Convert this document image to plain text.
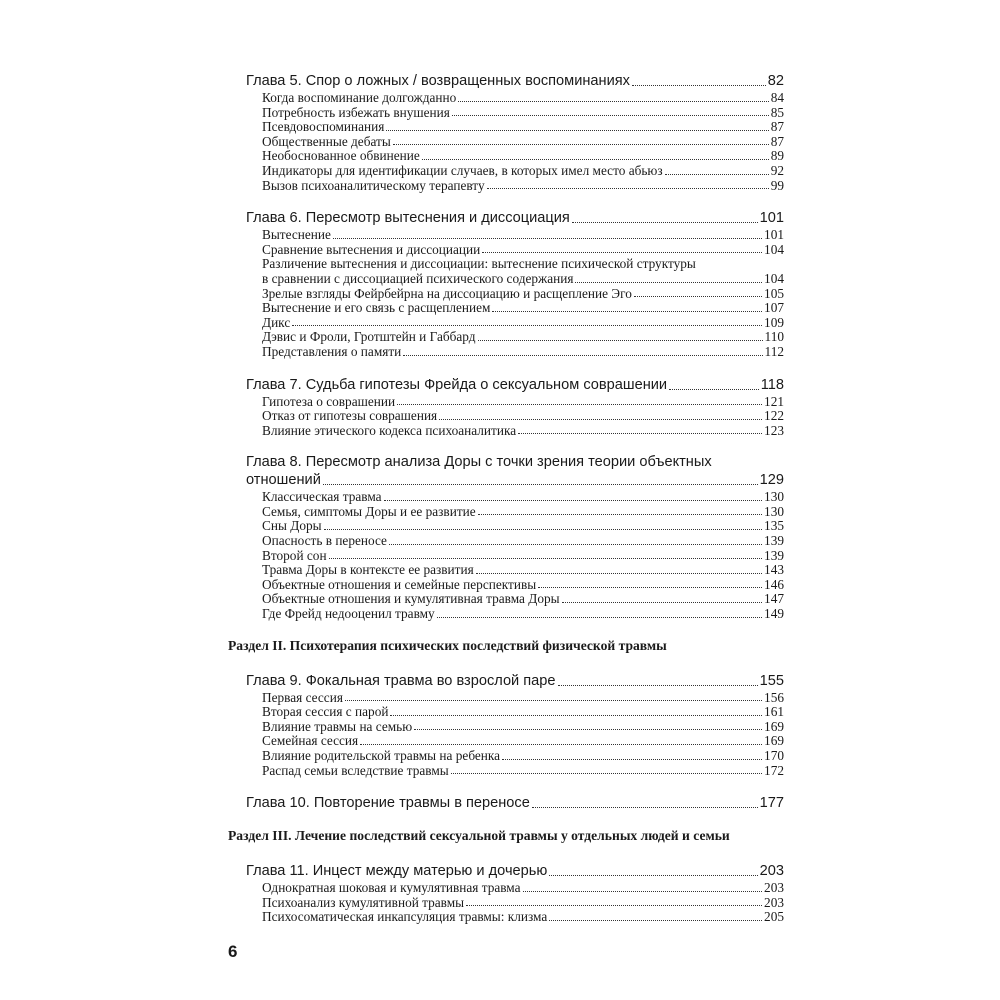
Глава 5. Спор о ложных / возвращенных воспоминаниях	82
Когда воспоминание долгожданно	84
Потребность избежать внушения	85
Псевдовоспоминания	87
Общественные дебаты	87
Необоснованное обвинение	89
Индикаторы для идентификации случаев, в которых имел место абьюз	92
Вызов психоаналитическому терапевту	99
Глава 6. Пересмотр вытеснения и диссоциация	101
Вытеснение	101
Сравнение вытеснения и диссоциации	104
Различение вытеснения и диссоциации: вытеснение психической структуры
в сравнении с диссоциацией психического содержания	104
Зрелые взгляды Фейрбейрна на диссоциацию и расщепление Эго	105
Вытеснение и его связь с расщеплением	107
Дикс	109
Дэвис и Фроли, Гротштейн и Габбард	110
Представления о памяти	112
Глава 7. Судьба гипотезы Фрейда о сексуальном соврашении	118
Гипотеза о соврашении	121
Отказ от гипотезы соврашения	122
Влияние этического кодекса психоаналитика	123
Глава 8. Пересмотр анализа Доры с точки зрения теории объектных
отношений	129
Классическая травма	130
Семья, симптомы Доры и ее развитие	130
Сны Доры	135
Опасность в переносе	139
Второй сон	139
Травма Доры в контексте ее развития	143
Объектные отношения и семейные перспективы	146
Объектные отношения и кумулятивная травма Доры	147
Где Фрейд недооценил травму	149
Раздел II. Психотерапия психических последствий физической травмы
Глава 9. Фокальная травма во взрослой паре	155
Первая сессия	156
Вторая сессия с парой	161
Влияние травмы на семью	169
Семейная сессия	169
Влияние родительской травмы на ребенка	170
Распад семьи вследствие травмы	172
Глава 10. Повторение травмы в переносе	177
Раздел III. Лечение последствий сексуальной травмы у отдельных людей и семьи
Глава 11. Инцест между матерью и дочерью	203
Однократная шоковая и кумулятивная травма	203
Психоанализ кумулятивной травмы	203
Психосоматическая инкапсуляция травмы: клизма	205
6
